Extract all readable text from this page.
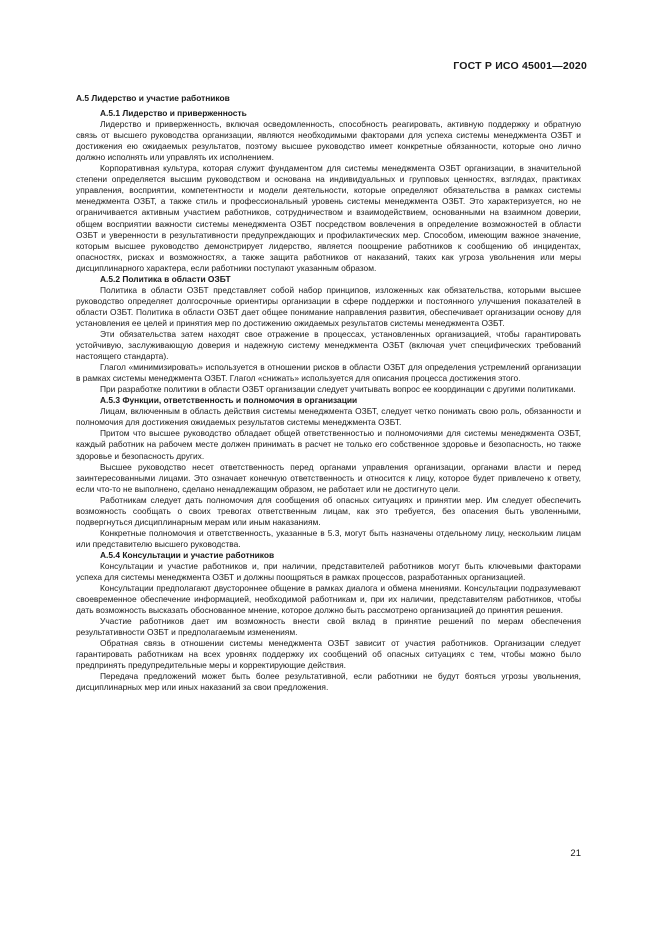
ГОСТ Р ИСО 45001—2020
А.5 Лидерство и участие работников

А.5.1 Лидерство и приверженность

Лидерство и приверженность, включая осведомленность, способность реагировать, активную поддержку и обратную связь от высшего руководства организации, являются необходимыми факторами для успеха системы менеджмента ОЗБТ и достижения ею ожидаемых результатов, поэтому высшее руководство имеет конкретные обязанности, которые оно лично должно исполнять или управлять их исполнением.

Корпоративная культура, которая служит фундаментом для системы менеджмента ОЗБТ организации, в значительной степени определяется высшим руководством и основана на индивидуальных и групповых ценностях, взглядах, практиках управления, восприятии, компетентности и модели деятельности, которые определяют обязательства в рамках системы менеджмента ОЗБТ, а также стиль и профессиональный уровень системы менеджмента ОЗБТ. Это характеризуется, но не ограничивается активным участием работников, сотрудничеством и взаимодействием, основанными на взаимном доверии, общем восприятии важности системы менеджмента ОЗБТ посредством вовлечения в определение возможностей в области ОЗБТ и уверенности в результативности предупреждающих и профилактических мер. Способом, имеющим важное значение, которым высшее руководство демонстрирует лидерство, является поощрение работников к сообщению об инцидентах, опасностях, рисках и возможностях, а также защита работников от наказаний, таких как угроза увольнения или меры дисциплинарного характера, если работники поступают указанным образом.

А.5.2 Политика в области ОЗБТ

Политика в области ОЗБТ представляет собой набор принципов, изложенных как обязательства, которыми высшее руководство определяет долгосрочные ориентиры организации в сфере поддержки и постоянного улучшения показателей в области ОЗБТ. Политика в области ОЗБТ дает общее понимание направления развития, обеспечивает организации основу для установления ее целей и принятия мер по достижению ожидаемых результатов системы менеджмента ОЗБТ.

Эти обязательства затем находят свое отражение в процессах, установленных организацией, чтобы гарантировать устойчивую, заслуживающую доверия и надежную систему менеджмента ОЗБТ (включая учет специфических требований настоящего стандарта).

Глагол «минимизировать» используется в отношении рисков в области ОЗБТ для определения устремлений организации в рамках системы менеджмента ОЗБТ. Глагол «снижать» используется для описания процесса достижения этого.

При разработке политики в области ОЗБТ организации следует учитывать вопрос ее координации с другими политиками.

А.5.3 Функции, ответственность и полномочия в организации

Лицам, включенным в область действия системы менеджмента ОЗБТ, следует четко понимать свою роль, обязанности и полномочия для достижения ожидаемых результатов системы менеджмента ОЗБТ.

Притом что высшее руководство обладает общей ответственностью и полномочиями для системы менеджмента ОЗБТ, каждый работник на рабочем месте должен принимать в расчет не только его собственное здоровье и безопасность, но также здоровье и безопасность других.

Высшее руководство несет ответственность перед органами управления организации, органами власти и перед заинтересованными лицами. Это означает конечную ответственность и относится к лицу, которое будет привлечено к ответу, если что-то не выполнено, сделано ненадлежащим образом, не работает или не достигнуто цели.

Работникам следует дать полномочия для сообщения об опасных ситуациях и принятии мер. Им следует обеспечить возможность сообщать о своих тревогах ответственным лицам, как это требуется, без опасения быть уволенными, подвергнуться дисциплинарным мерам или иным наказаниям.

Конкретные полномочия и ответственность, указанные в 5.3, могут быть назначены отдельному лицу, нескольким лицам или представителю высшего руководства.

А.5.4 Консультации и участие работников

Консультации и участие работников и, при наличии, представителей работников могут быть ключевыми факторами успеха для системы менеджмента ОЗБТ и должны поощряться в рамках процессов, разработанных организацией.

Консультации предполагают двустороннее общение в рамках диалога и обмена мнениями. Консультации подразумевают своевременное обеспечение информацией, необходимой работникам и, при их наличии, представителям работников, чтобы дать возможность высказать обоснованное мнение, которое должно быть рассмотрено организацией до принятия решения.

Участие работников дает им возможность внести свой вклад в принятие решений по мерам обеспечения результативности ОЗБТ и предполагаемым изменениям.

Обратная связь в отношении системы менеджмента ОЗБТ зависит от участия работников. Организации следует гарантировать работникам на всех уровнях поддержку их сообщений об опасных ситуациях с тем, чтобы можно было предпринять предупредительные меры и корректирующие действия.

Передача предложений может быть более результативной, если работники не будут бояться угрозы увольнения, дисциплинарных мер или иных наказаний за свои предложения.

21
